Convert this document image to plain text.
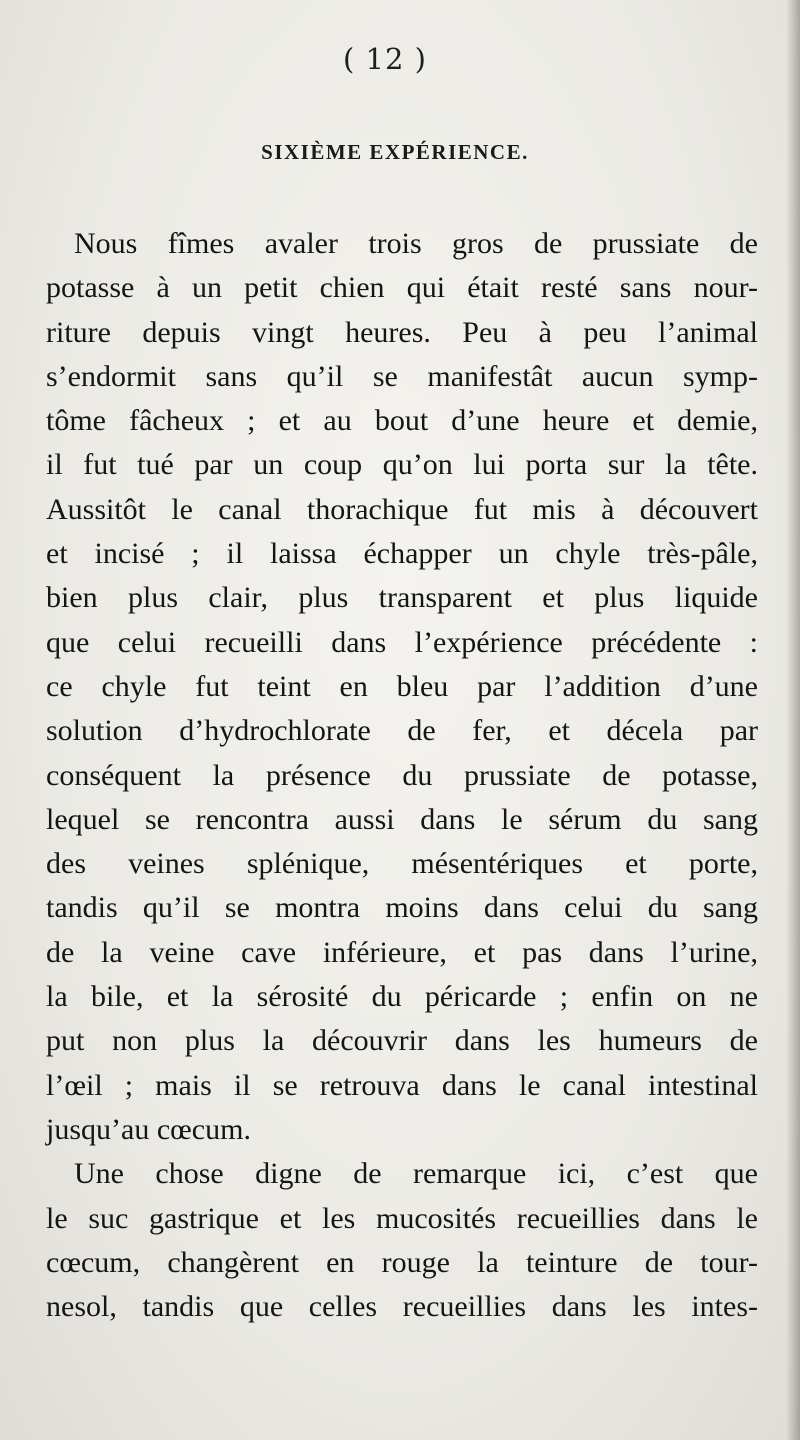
( 12 )
SIXIÈME EXPÉRIENCE.
Nous fîmes avaler trois gros de prussiate de
potasse à un petit chien qui était resté sans nour-
riture depuis vingt heures. Peu à peu l’animal
s’endormit sans qu’il se manifestât aucun symp-
tôme fâcheux ; et au bout d’une heure et demie,
il fut tué par un coup qu’on lui porta sur la tête.
Aussitôt le canal thorachique fut mis à découvert
et incisé ; il laissa échapper un chyle très-pâle,
bien plus clair, plus transparent et plus liquide
que celui recueilli dans l’expérience précédente :
ce chyle fut teint en bleu par l’addition d’une
solution d’hydrochlorate de fer, et décela par
conséquent la présence du prussiate de potasse,
lequel se rencontra aussi dans le sérum du sang
des veines splénique, mésentériques et porte,
tandis qu’il se montra moins dans celui du sang
de la veine cave inférieure, et pas dans l’urine,
la bile, et la sérosité du péricarde ; enfin on ne
put non plus la découvrir dans les humeurs de
l’œil ; mais il se retrouva dans le canal intestinal
jusqu’au cœcum.
Une chose digne de remarque ici, c’est que
le suc gastrique et les mucosités recueillies dans le
cœcum, changèrent en rouge la teinture de tour-
nesol, tandis que celles recueillies dans les intes-
